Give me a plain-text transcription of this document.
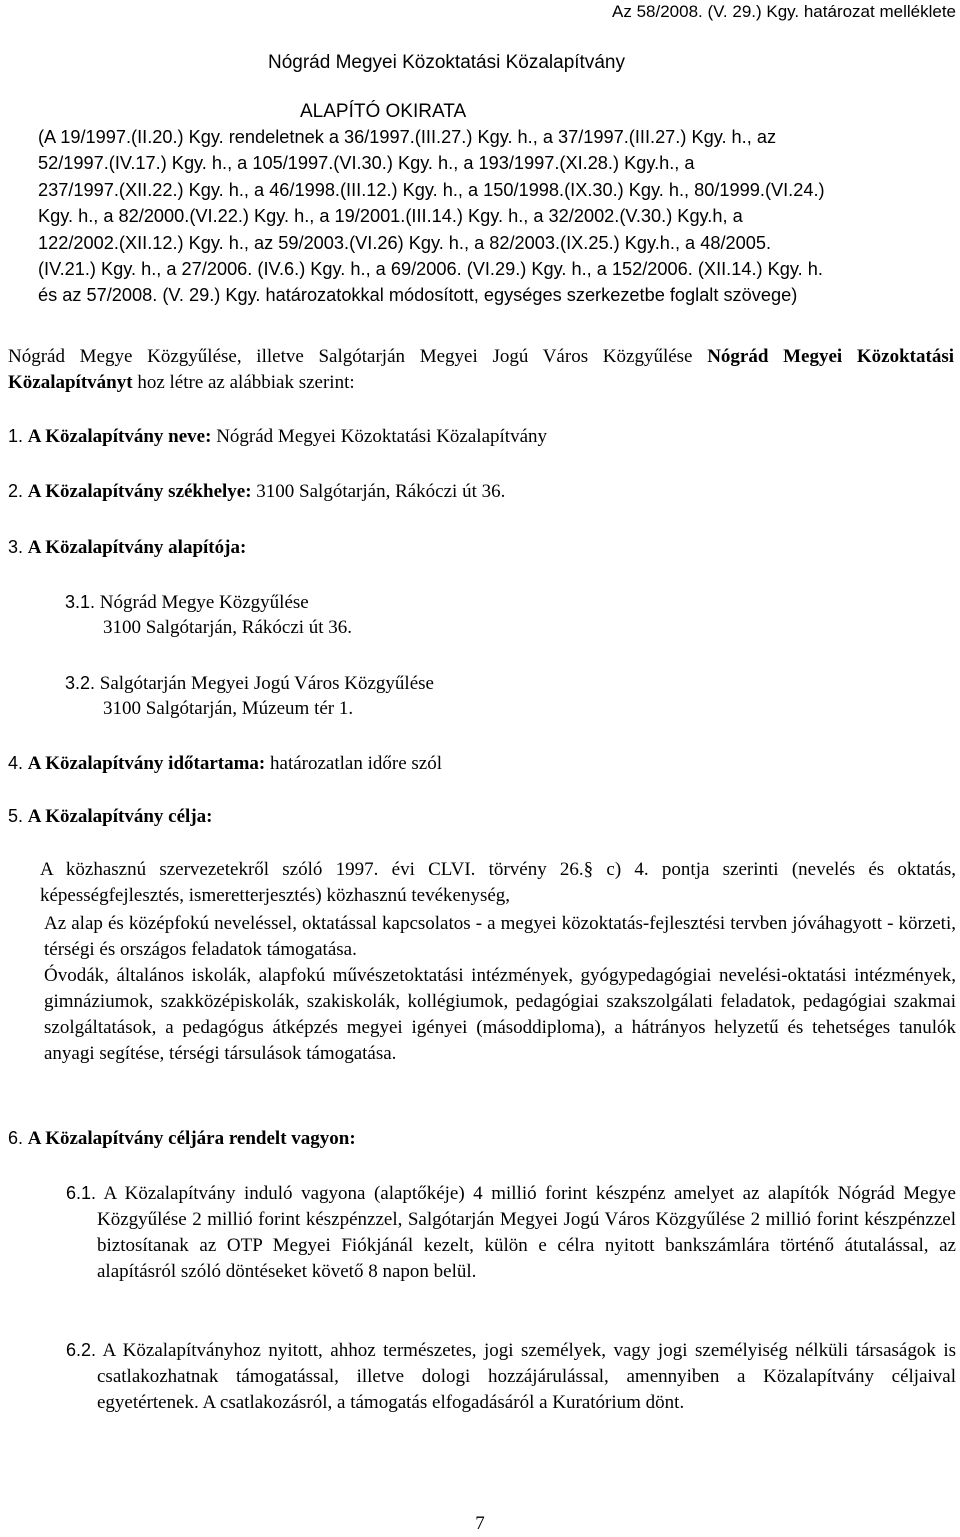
Az 58/2008. (V. 29.) Kgy. határozat melléklete
Nógrád Megyei Közoktatási Közalapítvány
ALAPÍTÓ OKIRATA
(A 19/1997.(II.20.) Kgy. rendeletnek a 36/1997.(III.27.) Kgy. h., a 37/1997.(III.27.) Kgy. h., az
52/1997.(IV.17.) Kgy. h., a 105/1997.(VI.30.) Kgy. h., a 193/1997.(XI.28.) Kgy.h., a
237/1997.(XII.22.) Kgy. h., a 46/1998.(III.12.) Kgy. h., a 150/1998.(IX.30.) Kgy. h., 80/1999.(VI.24.)
Kgy. h., a 82/2000.(VI.22.) Kgy. h., a 19/2001.(III.14.) Kgy. h., a 32/2002.(V.30.) Kgy.h, a
122/2002.(XII.12.) Kgy. h., az 59/2003.(VI.26) Kgy. h., a 82/2003.(IX.25.) Kgy.h., a 48/2005.
(IV.21.) Kgy. h., a 27/2006. (IV.6.) Kgy. h., a 69/2006. (VI.29.) Kgy. h., a 152/2006. (XII.14.) Kgy. h.
és az 57/2008. (V. 29.) Kgy. határozatokkal módosított, egységes szerkezetbe foglalt szövege)
Nógrád Megye Közgyűlése, illetve Salgótarján Megyei Jogú Város Közgyűlése Nógrád Megyei Közoktatási Közalapítványt hoz létre az alábbiak szerint:
1. A Közalapítvány neve: Nógrád Megyei Közoktatási Közalapítvány
2. A Közalapítvány székhelye: 3100 Salgótarján, Rákóczi út 36.
3. A Közalapítvány alapítója:
3.1. Nógrád Megye Közgyűlése
3100 Salgótarján, Rákóczi út 36.
3.2. Salgótarján Megyei Jogú Város Közgyűlése
3100 Salgótarján, Múzeum tér 1.
4. A Közalapítvány időtartama: határozatlan időre szól
5. A Közalapítvány célja:
A közhasznú szervezetekről szóló 1997. évi CLVI. törvény 26.§ c) 4. pontja szerinti (nevelés és oktatás, képességfejlesztés, ismeretterjesztés) közhasznú tevékenység,
Az alap és középfokú neveléssel, oktatással kapcsolatos - a megyei közoktatás-fejlesztési tervben jóváhagyott - körzeti, térségi és országos feladatok támogatása.
Óvodák, általános iskolák, alapfokú művészetoktatási intézmények, gyógypedagógiai nevelési-oktatási intézmények, gimnáziumok, szakközépiskolák, szakiskolák, kollégiumok, pedagógiai szakszolgálati feladatok, pedagógiai szakmai szolgáltatások, a pedagógus átképzés megyei igényei (másoddiploma), a hátrányos helyzetű és tehetséges tanulók anyagi segítése, térségi társulások támogatása.
6. A Közalapítvány céljára rendelt vagyon:
6.1. A Közalapítvány induló vagyona (alaptőkéje) 4 millió forint készpénz amelyet az alapítók Nógrád Megye Közgyűlése 2 millió forint készpénzzel, Salgótarján Megyei Jogú Város Közgyűlése 2 millió forint készpénzzel biztosítanak az OTP Megyei Fiókjánál kezelt, külön e célra nyitott bankszámlára történő átutalással, az alapításról szóló döntéseket követő 8 napon belül.
6.2. A Közalapítványhoz nyitott, ahhoz természetes, jogi személyek, vagy jogi személyiség nélküli társaságok is csatlakozhatnak támogatással, illetve dologi hozzájárulással, amennyiben a Közalapítvány céljaival egyetértenek. A csatlakozásról, a támogatás elfogadásáról a Kuratórium dönt.
7
